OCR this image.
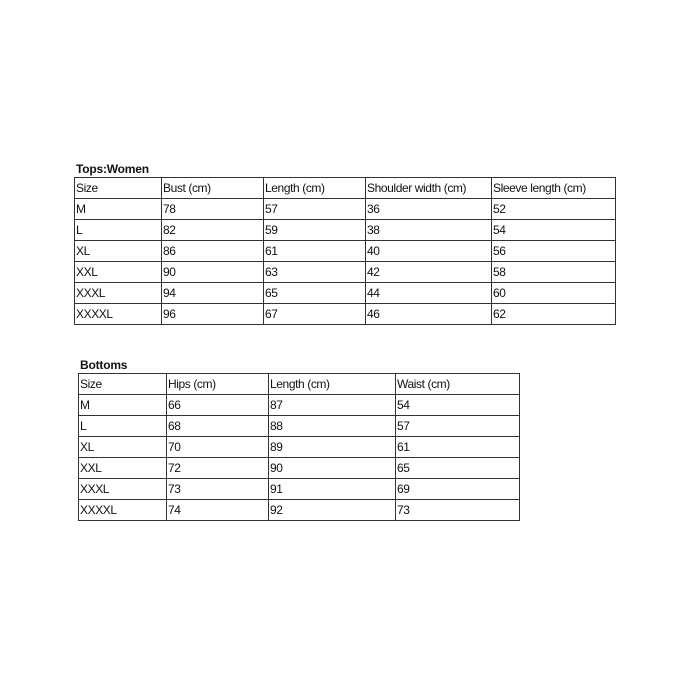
Tops:Women
Size	Bust (cm)	Length (cm)	Shoulder width (cm)	Sleeve length (cm)
M	78	57	36	52
L	82	59	38	54
XL	86	61	40	56
XXL	90	63	42	58
XXXL	94	65	44	60
XXXXL	96	67	46	62
Bottoms
Size	Hips (cm)	Length (cm)	Waist (cm)
M	66	87	54
L	68	88	57
XL	70	89	61
XXL	72	90	65
XXXL	73	91	69
XXXXL	74	92	73
